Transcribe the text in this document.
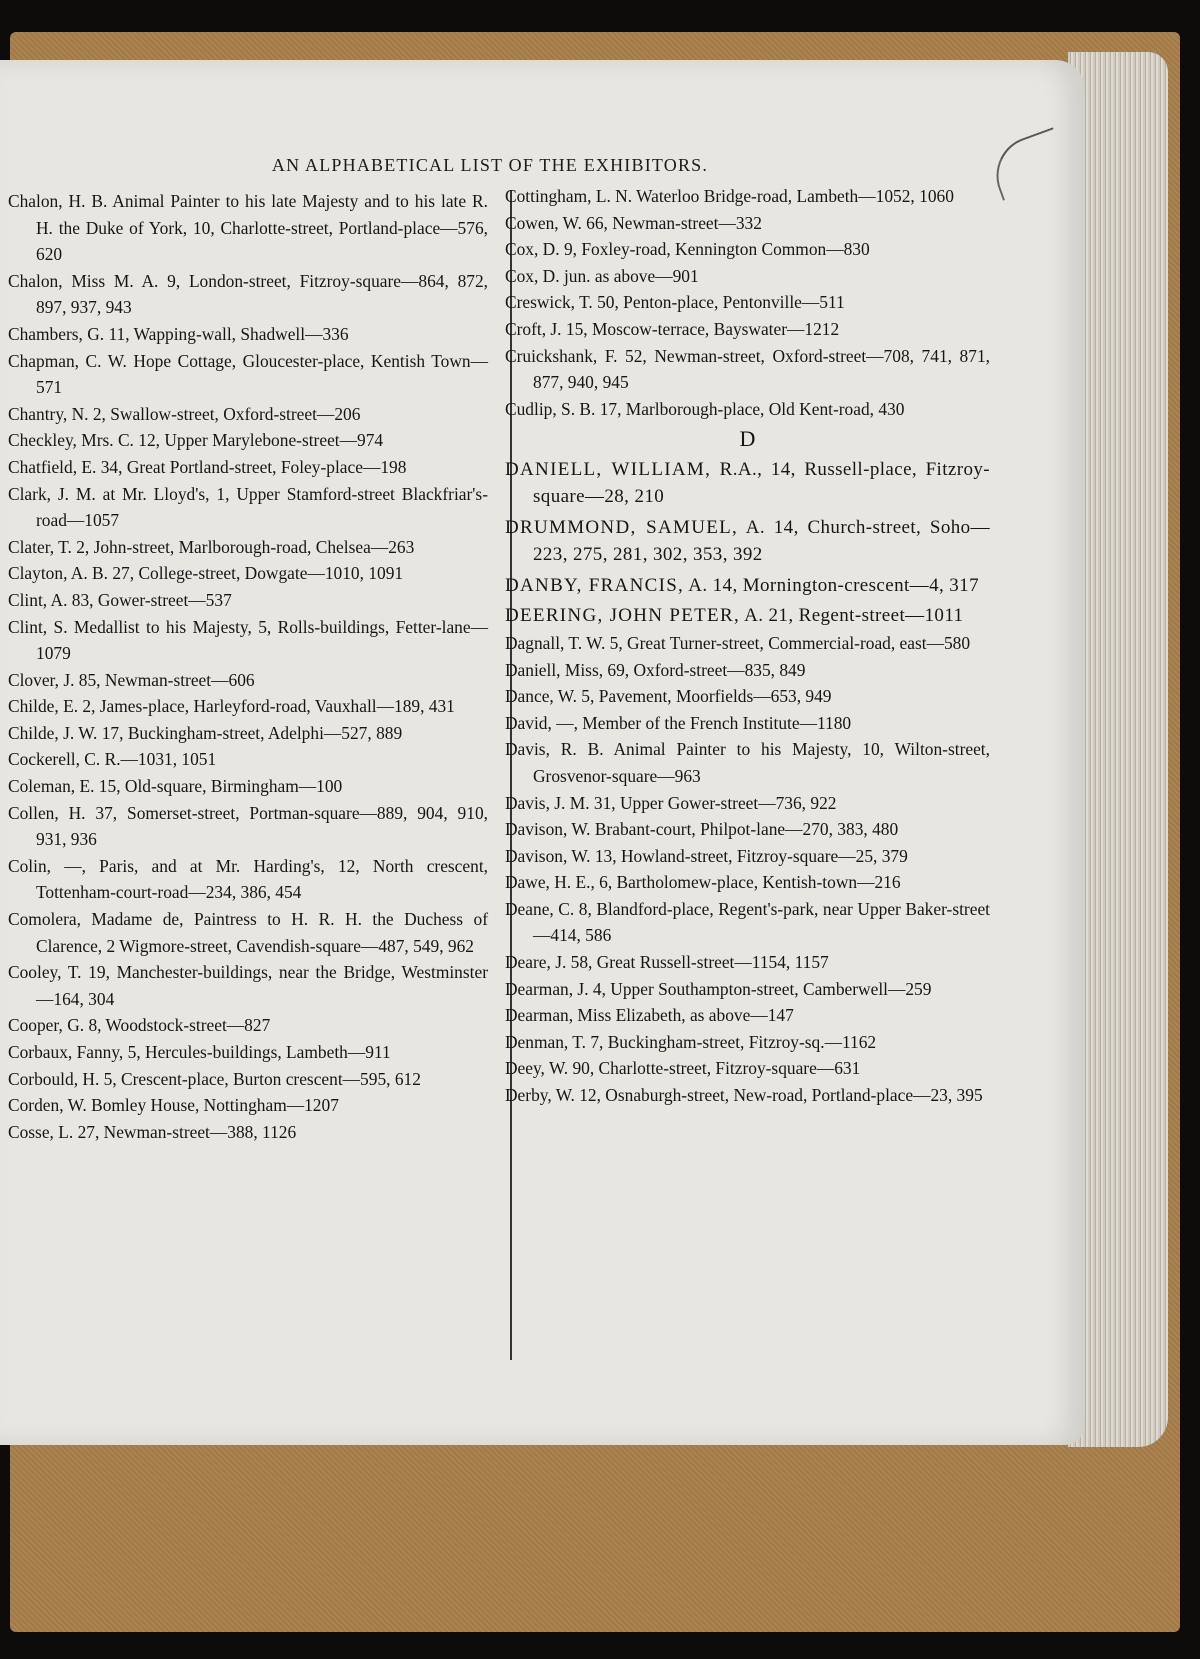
AN ALPHABETICAL LIST OF THE EXHIBITORS.

Chalon, H. B. Animal Painter to his late Majesty and to his late R. H. the Duke of York, 10, Charlotte-street, Portland-place—576, 620

Chalon, Miss M. A. 9, London-street, Fitzroy-square—864, 872, 897, 937, 943

Chambers, G. 11, Wapping-wall, Shadwell—336

Chapman, C. W. Hope Cottage, Gloucester-place, Kentish Town—571

Chantry, N. 2, Swallow-street, Oxford-street—206

Checkley, Mrs. C. 12, Upper Marylebone-street—974

Chatfield, E. 34, Great Portland-street, Foley-place—198

Clark, J. M. at Mr. Lloyd's, 1, Upper Stamford-street Blackfriar's-road—1057

Clater, T. 2, John-street, Marlborough-road, Chelsea—263

Clayton, A. B. 27, College-street, Dowgate—1010, 1091

Clint, A. 83, Gower-street—537

Clint, S. Medallist to his Majesty, 5, Rolls-buildings, Fetter-lane—1079

Clover, J. 85, Newman-street—606

Childe, E. 2, James-place, Harleyford-road, Vauxhall—189, 431

Childe, J. W. 17, Buckingham-street, Adelphi—527, 889

Cockerell, C. R.—1031, 1051

Coleman, E. 15, Old-square, Birmingham—100

Collen, H. 37, Somerset-street, Portman-square—889, 904, 910, 931, 936

Colin, —, Paris, and at Mr. Harding's, 12, North crescent, Tottenham-court-road—234, 386, 454

Comolera, Madame de, Paintress to H. R. H. the Duchess of Clarence, 2 Wigmore-street, Cavendish-square—487, 549, 962

Cooley, T. 19, Manchester-buildings, near the Bridge, Westminster—164, 304

Cooper, G. 8, Woodstock-street—827

Corbaux, Fanny, 5, Hercules-buildings, Lambeth—911

Corbould, H. 5, Crescent-place, Burton crescent—595, 612

Corden, W. Bomley House, Nottingham—1207

Cosse, L. 27, Newman-street—388, 1126

Cottingham, L. N. Waterloo Bridge-road, Lambeth—1052, 1060

Cowen, W. 66, Newman-street—332

Cox, D. 9, Foxley-road, Kennington Common—830

Cox, D. jun. as above—901

Creswick, T. 50, Penton-place, Pentonville—511

Croft, J. 15, Moscow-terrace, Bayswater—1212

Cruickshank, F. 52, Newman-street, Oxford-street—708, 741, 871, 877, 940, 945

Cudlip, S. B. 17, Marlborough-place, Old Kent-road, 430

D

DANIELL, WILLIAM, R.A., 14, Russell-place, Fitzroy-square—28, 210

DRUMMOND, SAMUEL, A. 14, Church-street, Soho—223, 275, 281, 302, 353, 392

DANBY, FRANCIS, A. 14, Mornington-crescent—4, 317

DEERING, JOHN PETER, A. 21, Regent-street—1011

Dagnall, T. W. 5, Great Turner-street, Commercial-road, east—580

Daniell, Miss, 69, Oxford-street—835, 849

Dance, W. 5, Pavement, Moorfields—653, 949

David, —, Member of the French Institute—1180

Davis, R. B. Animal Painter to his Majesty, 10, Wilton-street, Grosvenor-square—963

Davis, J. M. 31, Upper Gower-street—736, 922

Davison, W. Brabant-court, Philpot-lane—270, 383, 480

Davison, W. 13, Howland-street, Fitzroy-square—25, 379

Dawe, H. E., 6, Bartholomew-place, Kentish-town—216

Deane, C. 8, Blandford-place, Regent's-park, near Upper Baker-street—414, 586

Deare, J. 58, Great Russell-street—1154, 1157

Dearman, J. 4, Upper Southampton-street, Camberwell—259

Dearman, Miss Elizabeth, as above—147

Denman, T. 7, Buckingham-street, Fitzroy-sq.—1162

Deey, W. 90, Charlotte-street, Fitzroy-square—631

Derby, W. 12, Osnaburgh-street, New-road, Portland-place—23, 395
